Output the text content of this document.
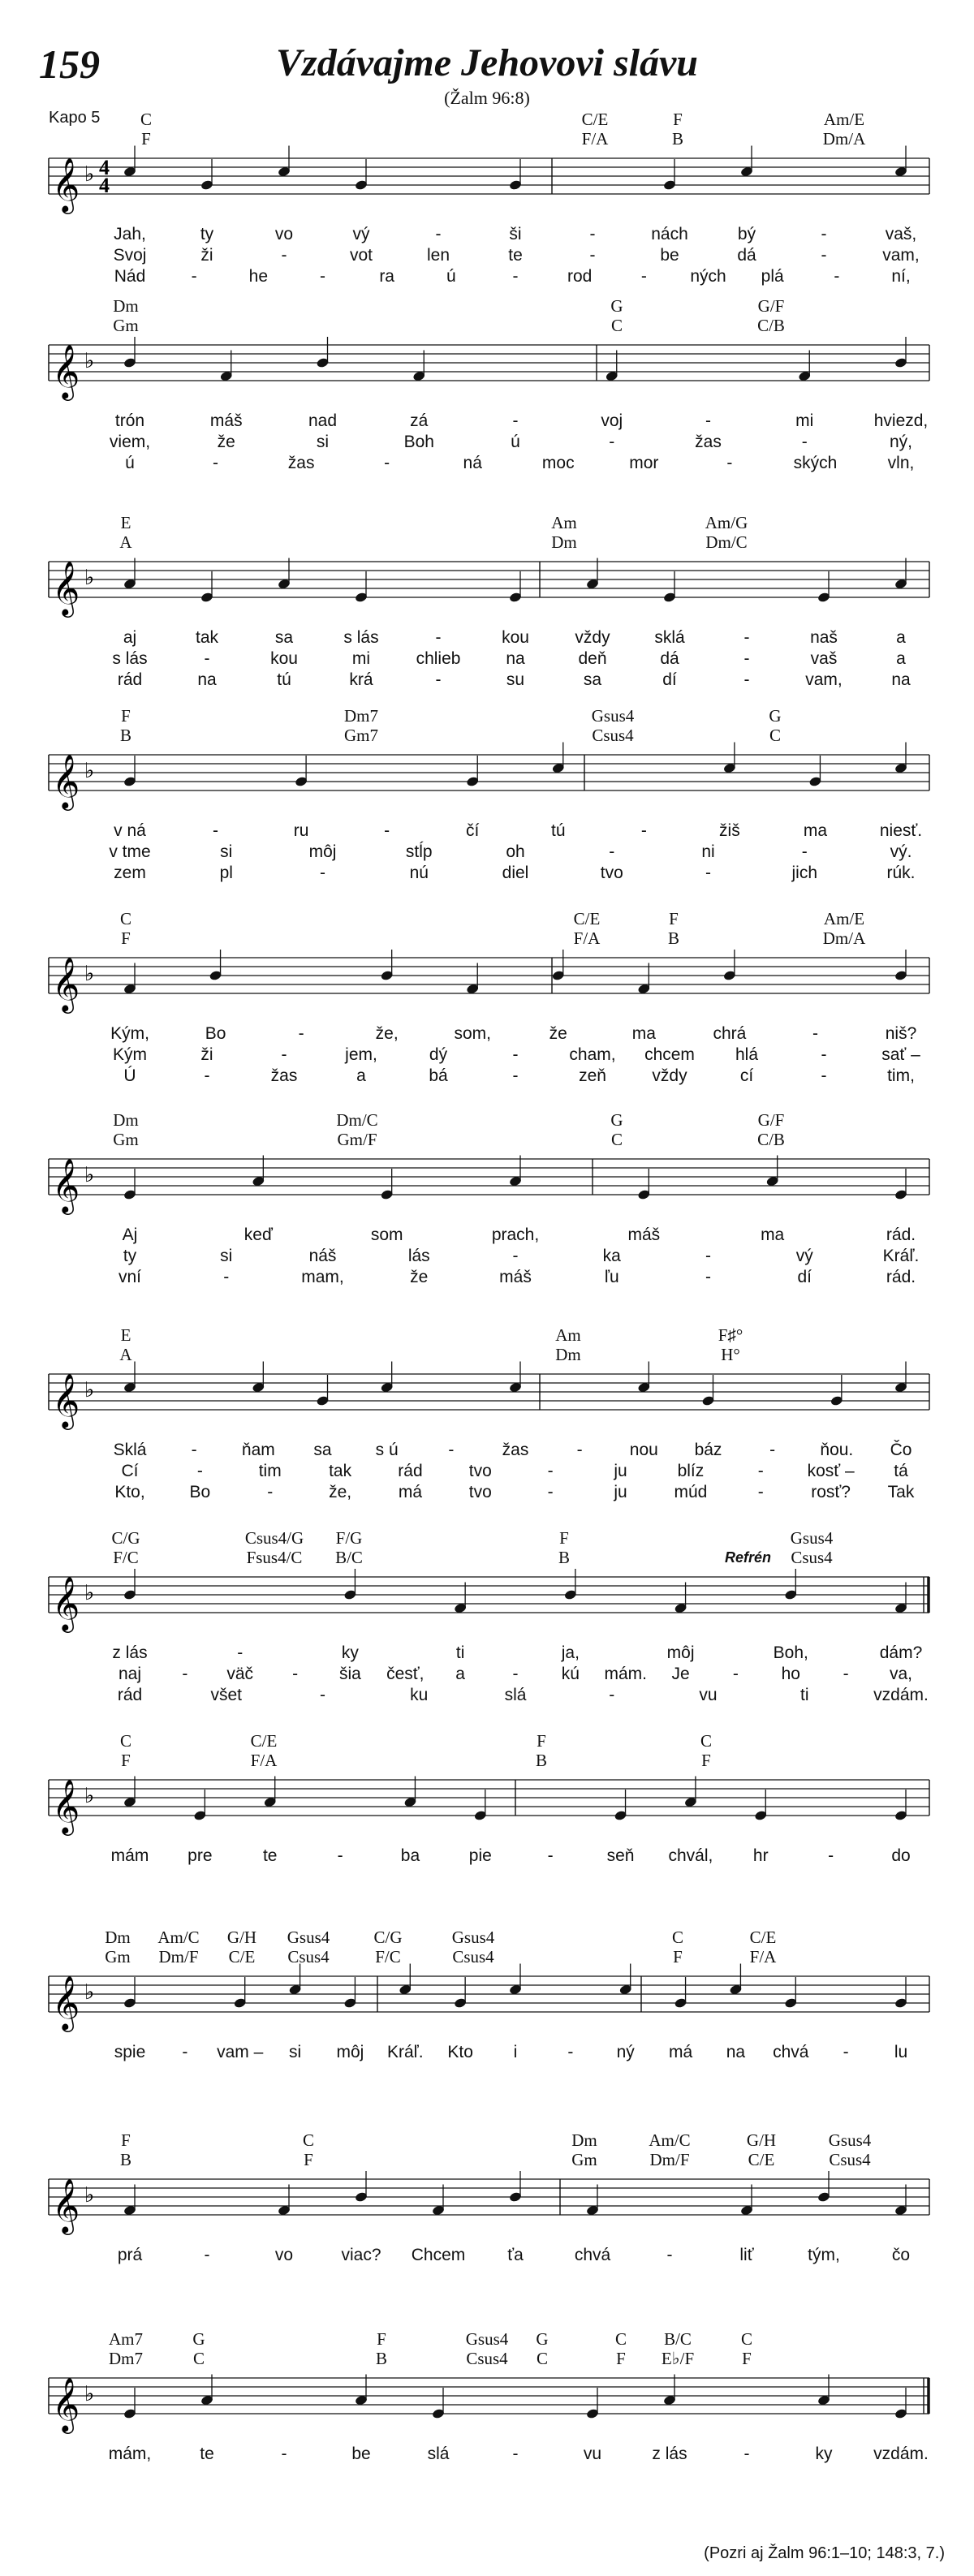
159	Vzdávajme Jehovovi slávu
(Žalm 96:8)
Kapo 5 C
F
C/E
F/A
F
B
Am/E
Dm/A
𝄞 ♭ 4
4
Jah,	ty	vo	vý	-	ši	-	nách	bý	-	vaš,
Svoj	ži	-	vot	len	te	-	be	dá	-	vam,
Nád	-	he	-	ra	ú	-	rod	-	ných plá	-	ní,
Dm
Gm
G
C
G/F
C/B
𝄞 ♭
trón	máš	nad	zá	-	voj	-	mi	hviezd,
viem,	že	si	Boh	ú	-	žas	-	ný,
ú	-	žas	-	ná	moc	mor	-	ských	vln,
E
A
Am
Dm
Am/G
Dm/C
𝄞 ♭
aj	tak	sa	s lás	-	kou	vždy	sklá	-	naš	a
s lás	-	kou	mi	chlieb	na	deň	dá	-	vaš	a
rád	na	tú	krá	-	su	sa	dí	-	vam,	na
F
B
Dm7
Gm7
Gsus4
Csus4
G
C
𝄞 ♭
v ná	-	ru	-	čí	tú	-	žiš	ma	niesť.
v tme	si	môj	stĺp	oh	-	ni	-	vý.
zem	pl	-	nú	diel	tvo	-	jich	rúk.
C
F
C/E
F/A
F
B
Am/E
Dm/A
𝄞 ♭
Kým,	Bo	-	že,	som,	že	ma	chrá	-	niš?
Kým	ži	-	jem,	dý	-	cham, chcem hlá	-	sať –
Ú	-	žas	a	bá	-	zeň	vždy	cí	-	tim,
Dm
Gm
Dm/C
Gm/F
G
C
G/F
C/B
𝄞 ♭
Aj	keď	som	prach,	máš	ma	rád.
ty	si	náš	lás	-	ka	-	vý	Kráľ.
vní	-	mam,	že	máš	ľu	-	dí	rád.
E
A
Am
Dm
F♯°
H°
𝄞 ♭
Sklá	-	ňam sa	s ú	-	žas	-	nou báz	-	ňou. Čo
Cí	-	tim	tak	rád	tvo	-	ju	blíz	-	kosť – tá
Kto,	Bo	-	že,	má	tvo	-	ju	múd	-	rosť? Tak
C/G
F/C
Csus4/G
Fsus4/C
F/G
B/C
F
B
Gsus4
Csus4
Refrén
𝄞 ♭
z lás	-	ky	ti	ja,	môj	Boh,	dám?
naj - väč - šia česť, a	-	kú mám. Je	-	ho	- va,
rád	všet	-	ku	slá	-	vu	ti	vzdám.
C
F
C/E
F/A
F
B
C
F
𝄞 ♭
mám pre	te	-	ba	pie	-	seň chvál, hr	-	do
Dm
Gm
Am/C
Dm/F
G/H
C/E
Gsus4
Csus4
C/G
F/C
Gsus4
Csus4
C
F
C/E
F/A
𝄞 ♭
spie - vam – si môj Kráľ. Kto i	-	ný má na chvá -	lu
F
B
C
F
Dm
Gm
Am/C
Dm/F
G/H
C/E
Gsus4
Csus4
𝄞 ♭
prá	-	vo	viac? Chcem ťa	chvá	-	liť	tým,	čo
Am7
Dm7
G
C
F
B
Gsus4
Csus4
G
C
C
F
B/C
E♭/F
C
F
𝄞 ♭
mám,	te	-	be	slá	-	vu	z lás	-	ky vzdám.
(Pozri aj Žalm 96:1–10; 148:3, 7.)
